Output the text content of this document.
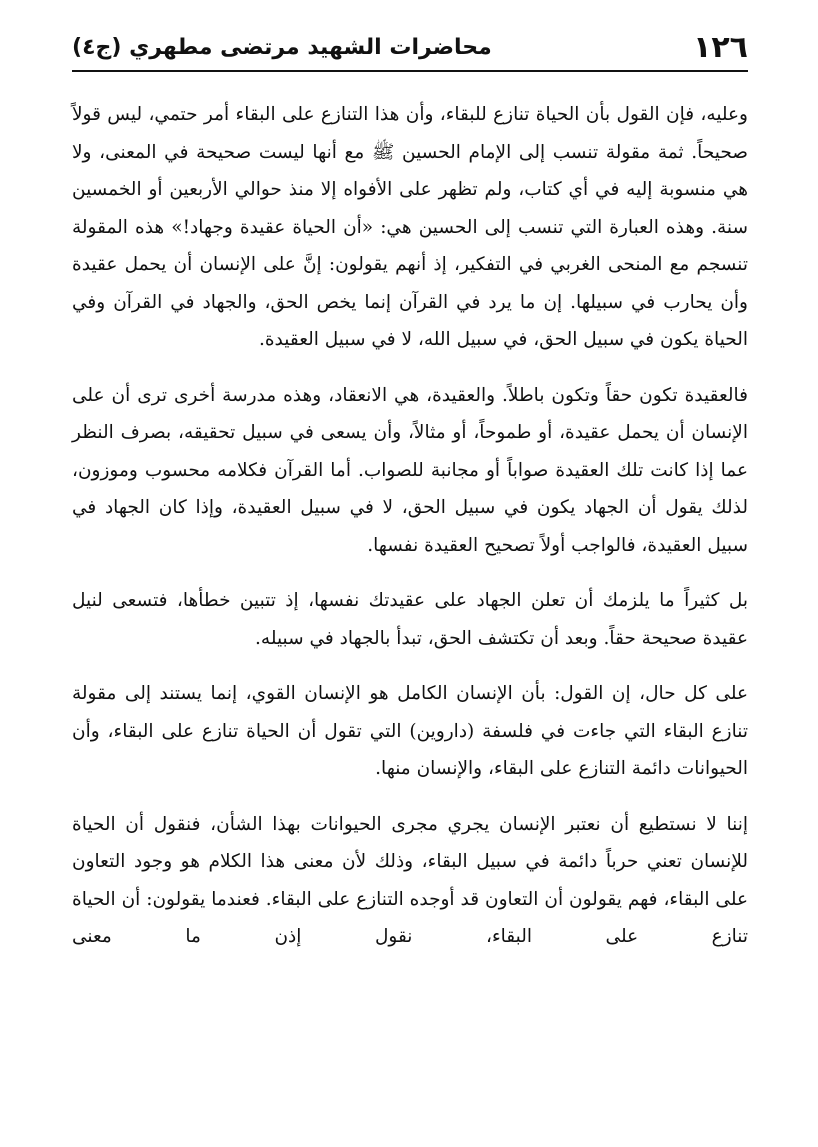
١٢٦
محاضرات الشهيد مرتضى مطهري (ج٤)

وعليه، فإن القول بأن الحياة تنازع للبقاء، وأن هذا التنازع على البقاء أمر حتمي، ليس قولاً صحيحاً. ثمة مقولة تنسب إلى الإمام الحسين ﷺ مع أنها ليست صحيحة في المعنى، ولا هي منسوبة إليه في أي كتاب، ولم تظهر على الأفواه إلا منذ حوالي الأربعين أو الخمسين سنة. وهذه العبارة التي تنسب إلى الحسين هي: «أن الحياة عقيدة وجهاد!» هذه المقولة تنسجم مع المنحى الغربي في التفكير، إذ أنهم يقولون: إنَّ على الإنسان أن يحمل عقيدة وأن يحارب في سبيلها. إن ما يرد في القرآن إنما يخص الحق، والجهاد في القرآن وفي الحياة يكون في سبيل الحق، في سبيل الله، لا في سبيل العقيدة.

فالعقيدة تكون حقاً وتكون باطلاً. والعقيدة، هي الانعقاد، وهذه مدرسة أخرى ترى أن على الإنسان أن يحمل عقيدة، أو طموحاً، أو مثالاً، وأن يسعى في سبيل تحقيقه، بصرف النظر عما إذا كانت تلك العقيدة صواباً أو مجانبة للصواب. أما القرآن فكلامه محسوب وموزون، لذلك يقول أن الجهاد يكون في سبيل الحق، لا في سبيل العقيدة، وإذا كان الجهاد في سبيل العقيدة، فالواجب أولاً تصحيح العقيدة نفسها.

بل كثيراً ما يلزمك أن تعلن الجهاد على عقيدتك نفسها، إذ تتبين خطأها، فتسعى لنيل عقيدة صحيحة حقاً. وبعد أن تكتشف الحق، تبدأ بالجهاد في سبيله.

على كل حال، إن القول: بأن الإنسان الكامل هو الإنسان القوي، إنما يستند إلى مقولة تنازع البقاء التي جاءت في فلسفة (داروين) التي تقول أن الحياة تنازع على البقاء، وأن الحيوانات دائمة التنازع على البقاء، والإنسان منها.

إننا لا نستطيع أن نعتبر الإنسان يجري مجرى الحيوانات بهذا الشأن، فنقول أن الحياة للإنسان تعني حرباً دائمة في سبيل البقاء، وذلك لأن معنى هذا الكلام هو وجود التعاون على البقاء، فهم يقولون أن التعاون قد أوجده التنازع على البقاء. فعندما يقولون: أن الحياة تنازع على البقاء، نقول إذن ما معنى
